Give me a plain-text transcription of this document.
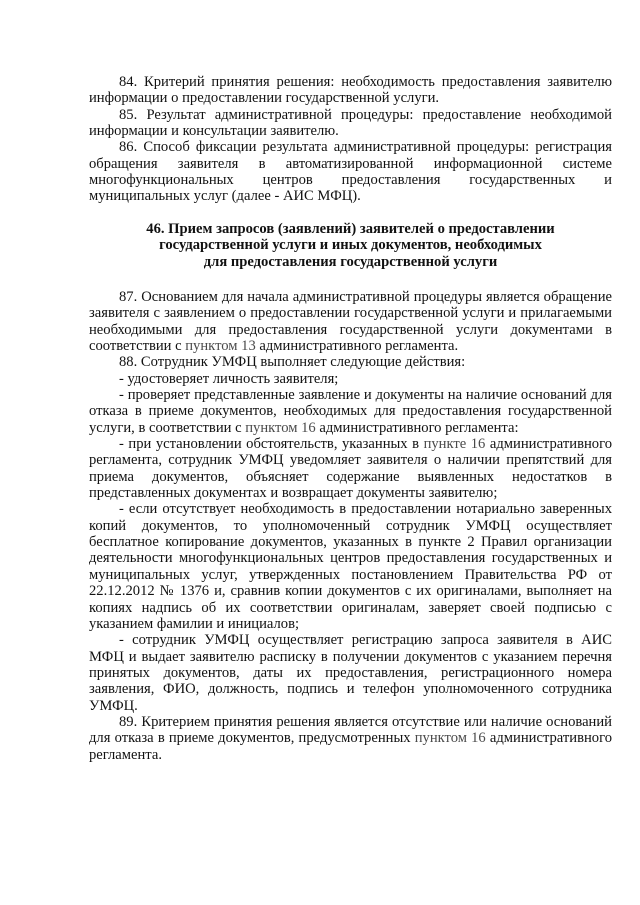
84. Критерий принятия решения: необходимость предоставления заявителю информации о предоставлении государственной услуги.

85. Результат административной процедуры: предоставление необходимой информации и консультации заявителю.

86. Способ фиксации результата административной процедуры: регистрация обращения заявителя в автоматизированной информационной системе многофункциональных центров предоставления государственных и муниципальных услуг (далее - АИС МФЦ).

46. Прием запросов (заявлений) заявителей о предоставлении
государственной услуги и иных документов, необходимых
для предоставления государственной услуги

87. Основанием для начала административной процедуры является обращение заявителя с заявлением о предоставлении государственной услуги и прилагаемыми необходимыми для предоставления государственной услуги документами в соответствии с пунктом 13 административного регламента.

88. Сотрудник УМФЦ выполняет следующие действия:

- удостоверяет личность заявителя;

- проверяет представленные заявление и документы на наличие оснований для отказа в приеме документов, необходимых для предоставления государственной услуги, в соответствии с пунктом 16 административного регламента:

- при установлении обстоятельств, указанных в пункте 16 административного регламента, сотрудник УМФЦ уведомляет заявителя о наличии препятствий для приема документов, объясняет содержание выявленных недостатков в представленных документах и возвращает документы заявителю;

- если отсутствует необходимость в предоставлении нотариально заверенных копий документов, то уполномоченный сотрудник УМФЦ осуществляет бесплатное копирование документов, указанных в пункте 2 Правил организации деятельности многофункциональных центров предоставления государственных и муниципальных услуг, утвержденных постановлением Правительства РФ от 22.12.2012 № 1376 и, сравнив копии документов с их оригиналами, выполняет на копиях надпись об их соответствии оригиналам, заверяет своей подписью с указанием фамилии и инициалов;

- сотрудник УМФЦ осуществляет регистрацию запроса заявителя в АИС МФЦ и выдает заявителю расписку в получении документов с указанием перечня принятых документов, даты их предоставления, регистрационного номера заявления, ФИО, должность, подпись и телефон уполномоченного сотрудника УМФЦ.

89. Критерием принятия решения является отсутствие или наличие оснований для отказа в приеме документов, предусмотренных пунктом 16 административного регламента.
